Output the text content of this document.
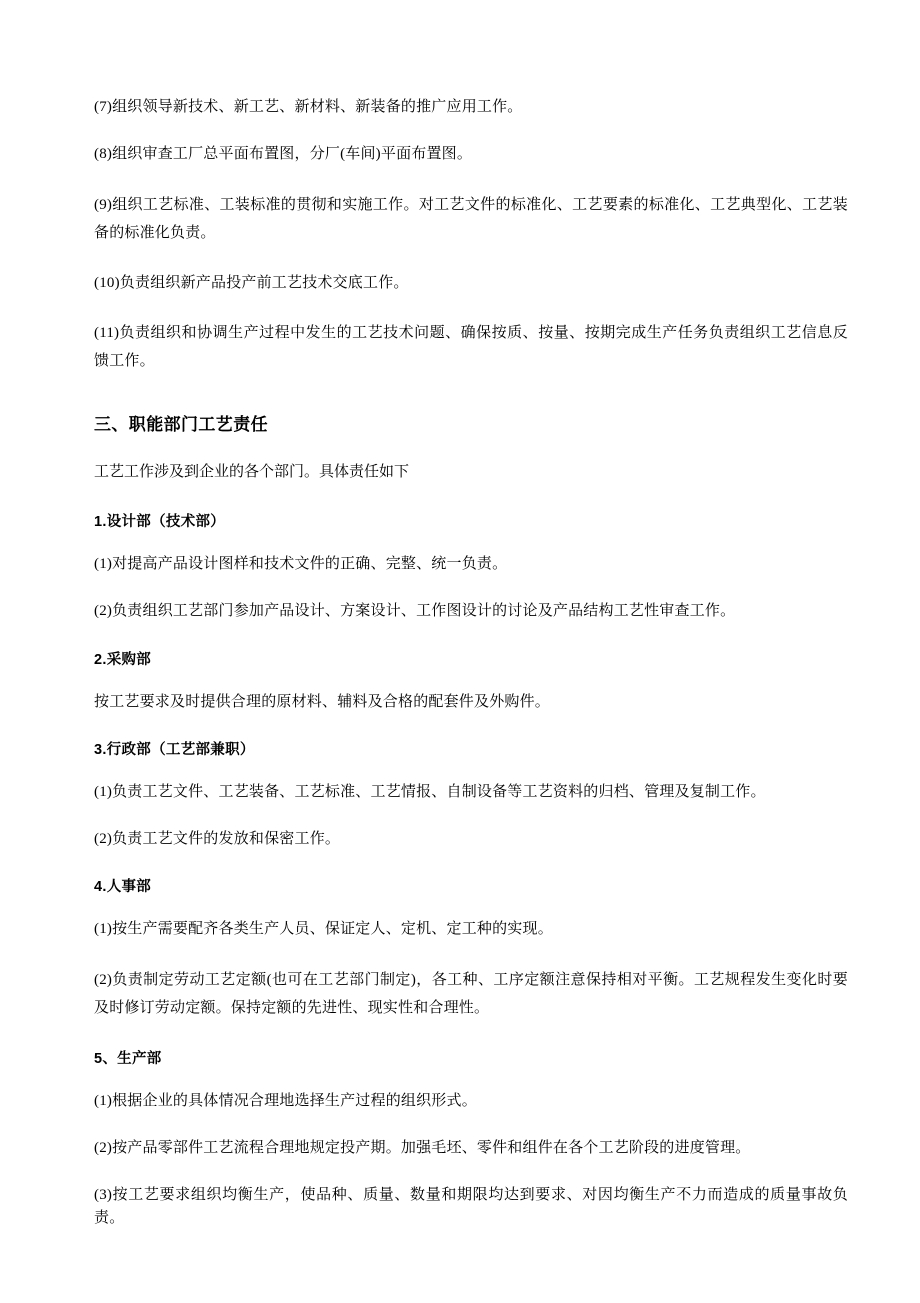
(7)组织领导新技术、新工艺、新材料、新装备的推广应用工作。

(8)组织审查工厂总平面布置图，分厂(车间)平面布置图。

(9)组织工艺标准、工装标准的贯彻和实施工作。对工艺文件的标准化、工艺要素的标准化、工艺典型化、工艺装备的标准化负责。

(10)负责组织新产品投产前工艺技术交底工作。

(11)负责组织和协调生产过程中发生的工艺技术问题、确保按质、按量、按期完成生产任务负责组织工艺信息反馈工作。

三、职能部门工艺责任

工艺工作涉及到企业的各个部门。具体责任如下

1.设计部（技术部）

(1)对提高产品设计图样和技术文件的正确、完整、统一负责。

(2)负责组织工艺部门参加产品设计、方案设计、工作图设计的讨论及产品结构工艺性审查工作。

2.采购部

按工艺要求及时提供合理的原材料、辅料及合格的配套件及外购件。

3.行政部（工艺部兼职）

(1)负责工艺文件、工艺装备、工艺标准、工艺情报、自制设备等工艺资料的归档、管理及复制工作。

(2)负责工艺文件的发放和保密工作。

4.人事部

(1)按生产需要配齐各类生产人员、保证定人、定机、定工种的实现。

(2)负责制定劳动工艺定额(也可在工艺部门制定)，各工种、工序定额注意保持相对平衡。工艺规程发生变化时要及时修订劳动定额。保持定额的先进性、现实性和合理性。

5、生产部

(1)根据企业的具体情况合理地选择生产过程的组织形式。

(2)按产品零部件工艺流程合理地规定投产期。加强毛坯、零件和组件在各个工艺阶段的进度管理。

(3)按工艺要求组织均衡生产，使品种、质量、数量和期限均达到要求、对因均衡生产不力而造成的质量事故负责。
